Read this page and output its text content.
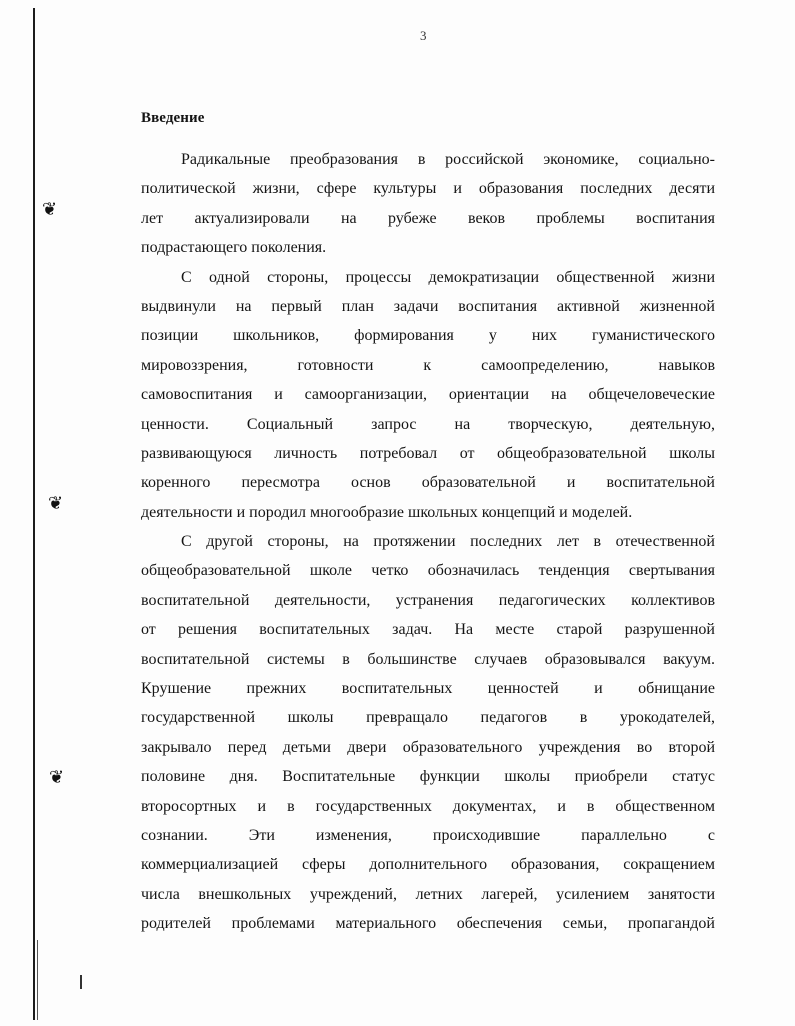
❦
❦
❦
3
Введение
Радикальные преобразования в российской экономике, социально-
политической жизни, сфере культуры и образования последних десяти
лет актуализировали на рубеже веков проблемы воспитания
подрастающего поколения.
С одной стороны, процессы демократизации общественной жизни
выдвинули на первый план задачи воспитания активной жизненной
позиции школьников, формирования у них гуманистического
мировоззрения, готовности к самоопределению, навыков
самовоспитания и самоорганизации, ориентации на общечеловеческие
ценности. Социальный запрос на творческую, деятельную,
развивающуюся личность потребовал от общеобразовательной школы
коренного пересмотра основ образовательной и воспитательной
деятельности и породил многообразие школьных концепций и моделей.
С другой стороны, на протяжении последних лет в отечественной
общеобразовательной школе четко обозначилась тенденция свертывания
воспитательной деятельности, устранения педагогических коллективов
от решения воспитательных задач. На месте старой разрушенной
воспитательной системы в большинстве случаев образовывался вакуум.
Крушение прежних воспитательных ценностей и обнищание
государственной школы превращало педагогов в урокодателей,
закрывало перед детьми двери образовательного учреждения во второй
половине дня. Воспитательные функции школы приобрели статус
второсортных и в государственных документах, и в общественном
сознании. Эти изменения, происходившие параллельно с
коммерциализацией сферы дополнительного образования, сокращением
числа внешкольных учреждений, летних лагерей, усилением занятости
родителей проблемами материального обеспечения семьи, пропагандой
